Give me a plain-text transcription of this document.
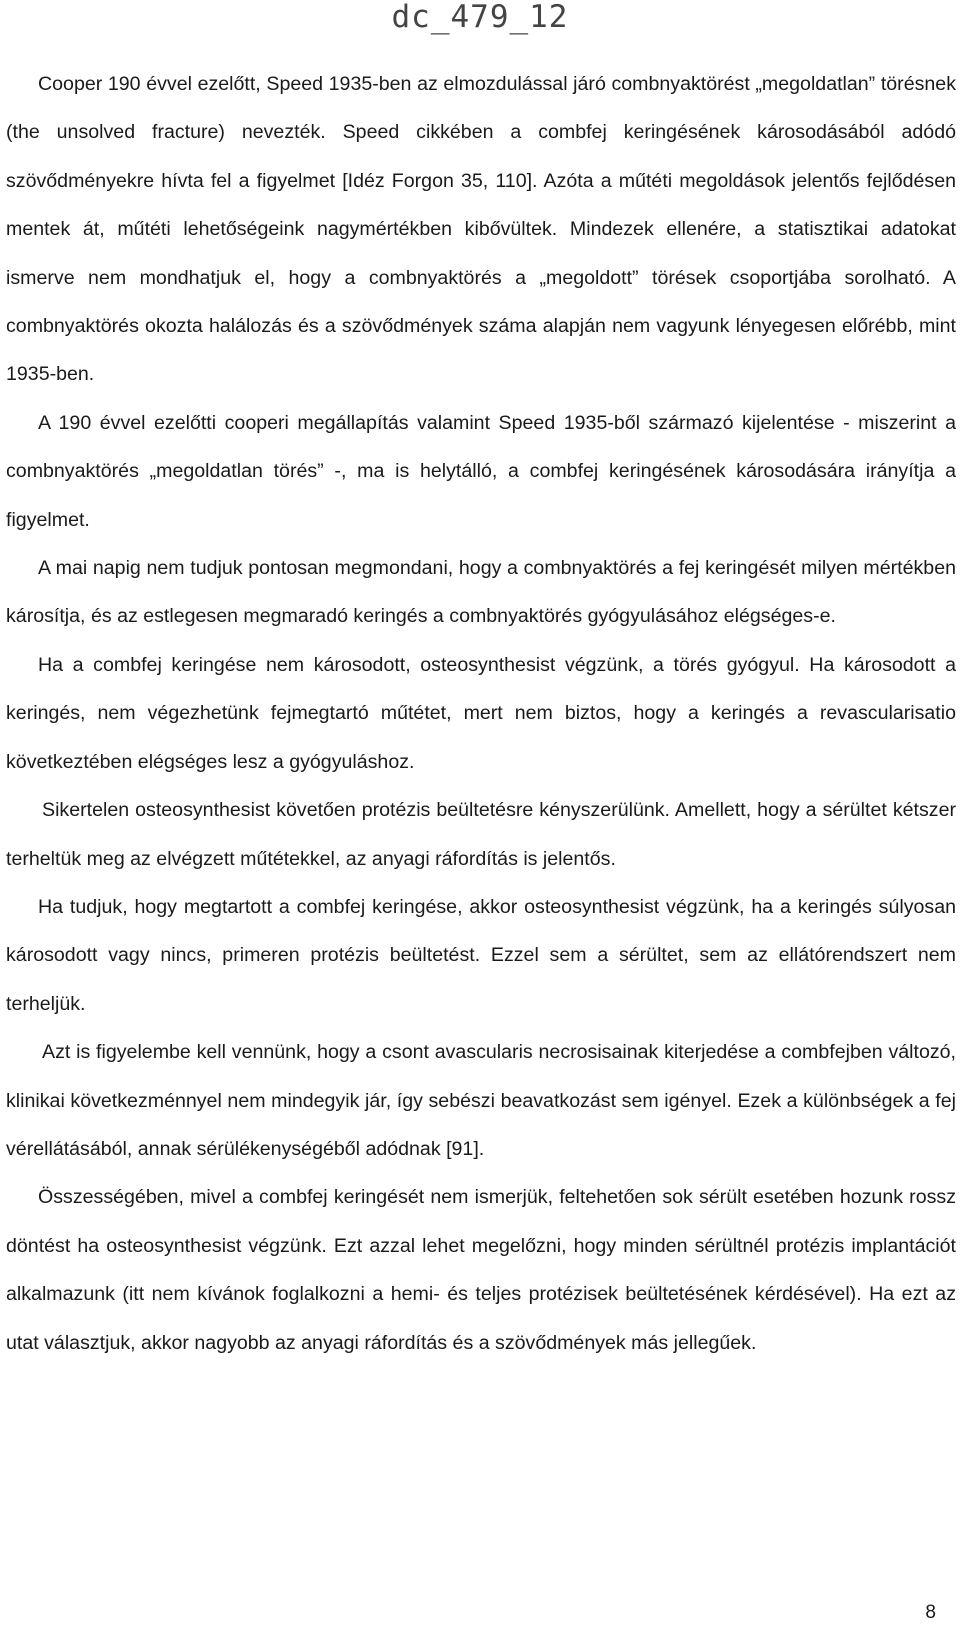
dc_479_12

Cooper 190 évvel ezelőtt, Speed 1935-ben az elmozdulással járó combnyaktörést „megoldatlan” törésnek (the unsolved fracture) nevezték. Speed cikkében a combfej keringésének károsodásából adódó szövődményekre hívta fel a figyelmet [Idéz Forgon 35, 110]. Azóta a műtéti megoldások jelentős fejlődésen mentek át, műtéti lehetőségeink nagymértékben kibővültek. Mindezek ellenére, a statisztikai adatokat ismerve nem mondhatjuk el, hogy a combnyaktörés a „megoldott” törések csoportjába sorolható. A combnyaktörés okozta halálozás és a szövődmények száma alapján nem vagyunk lényegesen előrébb, mint 1935-ben.

A 190 évvel ezelőtti cooperi megállapítás valamint Speed 1935-ből származó kijelentése - miszerint a combnyaktörés „megoldatlan törés” -, ma is helytálló, a combfej keringésének károsodására irányítja a figyelmet.

A mai napig nem tudjuk pontosan megmondani, hogy a combnyaktörés a fej keringését milyen mértékben károsítja, és az estlegesen megmaradó keringés a combnyaktörés gyógyulásához elégséges-e.

Ha a combfej keringése nem károsodott, osteosynthesist végzünk, a törés gyógyul. Ha károsodott a keringés, nem végezhetünk fejmegtartó műtétet, mert nem biztos, hogy a keringés a revascularisatio következtében elégséges lesz a gyógyuláshoz.

Sikertelen osteosynthesist követően protézis beültetésre kényszerülünk. Amellett, hogy a sérültet kétszer terheltük meg az elvégzett műtétekkel, az anyagi ráfordítás is jelentős.

Ha tudjuk, hogy megtartott a combfej keringése, akkor osteosynthesist végzünk, ha a keringés súlyosan károsodott vagy nincs, primeren protézis beültetést. Ezzel sem a sérültet, sem az ellátórendszert nem terheljük.

Azt is figyelembe kell vennünk, hogy a csont avascularis necrosisainak kiterjedése a combfejben változó, klinikai következménnyel nem mindegyik jár, így sebészi beavatkozást sem igényel. Ezek a különbségek a fej vérellátásából, annak sérülékenységéből adódnak [91].

Összességében, mivel a combfej keringését nem ismerjük, feltehetően sok sérült esetében hozunk rossz döntést ha osteosynthesist végzünk. Ezt azzal lehet megelőzni, hogy minden sérültnél protézis implantációt alkalmazunk (itt nem kívánok foglalkozni a hemi- és teljes protézisek beültetésének kérdésével). Ha ezt az utat választjuk, akkor nagyobb az anyagi ráfordítás és a szövődmények más jellegűek.

8
